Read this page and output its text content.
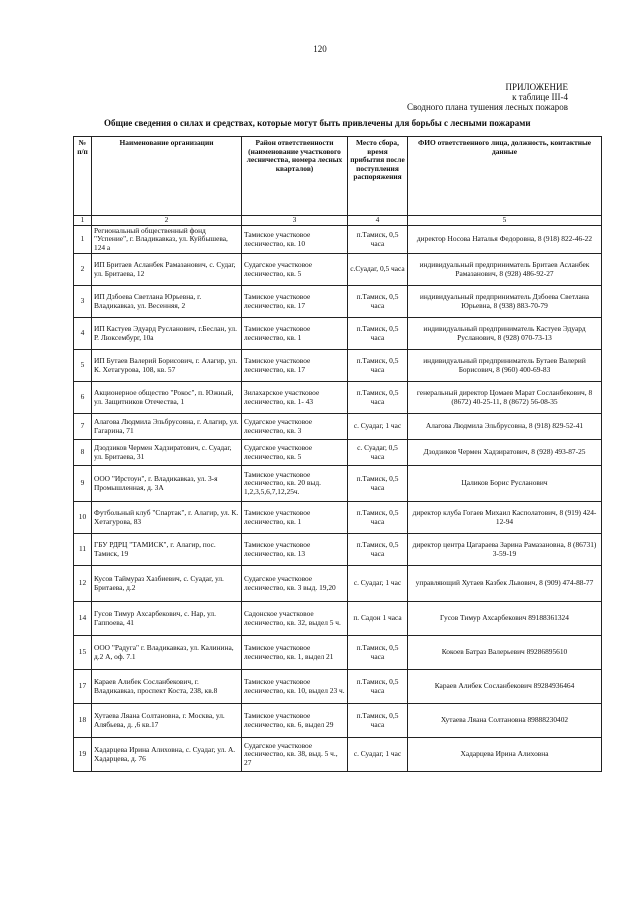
120
ПРИЛОЖЕНИЕ
к таблице III-4
Сводного плана тушения лесных пожаров
Общие сведения о силах и средствах, которые могут быть привлечены для борьбы с лесными пожарами
№ п/п	Наименование организации	Район ответственности (наименование участкового лесничества, номера лесных кварталов)	Место сбора, время прибытия после поступления распоряжения	ФИО ответственного лица, должность, контактные данные
1	2	3	4	5
1	Региональный общественный фонд "Успение", г. Владикавказ, ул. Куйбышева, 124 а	Тамиское участковое лесничество, кв. 10	п.Тамиск, 0,5 часа	директор Носова Наталья Федоровна, 8 (918) 822-46-22
2	ИП Бритаев Асланбек Рамазанович, с. Судаг, ул. Бритаева, 12	Судагское участковое лесничество, кв. 5	с.Суадаг, 0,5 часа	индивидуальный предприниматель Бритаев Асланбек Рамазанович, 8 (928) 486-92-27
3	ИП Дзбоева Светлана Юрьевна, г. Владикавказ, ул. Весенняя, 2	Тамиское участковое лесничество, кв. 17	п.Тамиск, 0,5 часа	индивидуальный предприниматель Дзбоева Светлана Юрьевна, 8 (938) 883-70-79
4	ИП Кастуев Эдуард Русланович, г.Беслан, ул. Р. Люксембург, 10а	Тамиское участковое лесничество, кв. 1	п.Тамиск, 0,5 часа	индивидуальный предприниматель Кастуев Эдуард Русланович, 8 (928) 070-73-13
5	ИП Бутаев Валерий Борисович, г. Алагир, ул. К. Хетагурова, 108, кв. 57	Тамиское участковое лесничество, кв. 17	п.Тамиск, 0,5 часа	индивидуальный предприниматель Бутаев Валерий Борисович, 8 (960) 400-69-83
6	Акционерное общество "Рокос", п. Южный, ул. Защитников Отечества, 1	Зилахарское участковое лесничество, кв. 1- 43	п.Тамиск, 0,5 часа	генеральный директор Цомаев Марат Сосланбекович, 8 (8672) 40-25-11, 8 (8672) 56-08-35
7	Алагова Людмила Эльбрусовна, г. Алагир, ул. Гагарина, 71	Судагское участковое лесничество, кв. 3	с. Суадаг, 1 час	Алагова Людмила Эльбрусовна, 8 (918) 829-52-41
8	Дзодзиков Чермен Хадзиратович, с. Суадаг, ул. Бритаева, 31	Судагское участковое лесничество, кв. 5	с. Суадаг, 0,5 часа	Дзодзиков Чермен Хадзиратович, 8 (928) 493-87-25
9	ООО "Ирстоун", г. Владикавказ, ул. 3-я Промышленная, д. 3А	Тамиское участковое лесничество, кв. 20 выд. 1,2,3,5,6,7,12,25ч.	п.Тамиск, 0,5 часа	Цаликов Борис Русланович
10	Футбольный клуб "Спартак", г. Алагир, ул. К. Хетагурова, 83	Тамиское участковое лесничество, кв. 1	п.Тамиск, 0,5 часа	директор клуба Гогаев Михаил Касполатович, 8 (919) 424-12-94
11	ГБУ РДРЦ "ТАМИСК", г. Алагир, пос. Тамиск, 19	Тамиское участковое лесничество, кв. 13	п.Тамиск, 0,5 часа	директор центра Цагараева Зарина Рамазановна, 8 (86731) 3-59-19
12	Кусов Таймураз Хазбиевич, с. Суадаг, ул. Бритаева, д.2	Судагское участковое лесничество, кв. 3 выд. 19,20	с. Суадаг, 1 час	управляющий Хутаев Казбек Львович, 8 (909) 474-88-77
14	Гусов Тимур Ахсарбекович, с. Нар, ул. Гаппоева, 41	Садонское участковое лесничество, кв. 32, выдел 5 ч.	п. Садон 1 часа	Гусов Тимур Ахсарбекович 89188361324
15	ООО "Радуга" г. Владикавказ, ул. Калинина, д.2 А, оф. 7.1	Тамиское участковое лесничество, кв. 1, выдел 21	п.Тамиск, 0,5 часа	Кокоев Батраз Валерьевич 89286895610
17	Караев Алибек Сосланбекович, г. Владикавказ, проспект Коста, 238, кв.8	Тамиское участковое лесничество, кв. 10, выдел 23 ч.	п.Тамиск, 0,5 часа	Караев Алибек Сосланбекович 89284936464
18	Хутаева Ляана Солтановна, г. Москва, ул. Алябьева, д. ,6 кв.17	Тамиское участковое лесничество, кв. 6, выдел 29	п.Тамиск, 0,5 часа	Хутаева Ляана Солтановна 89888230402
19	Хадарцева Ирина Алиховна, с. Суадаг, ул. А. Хадарцева, д. 76	Судагское участковое лесничество, кв. 38, выд. 5 ч., 27	с. Суадаг, 1 час	Хадарцева Ирина Алиховна
